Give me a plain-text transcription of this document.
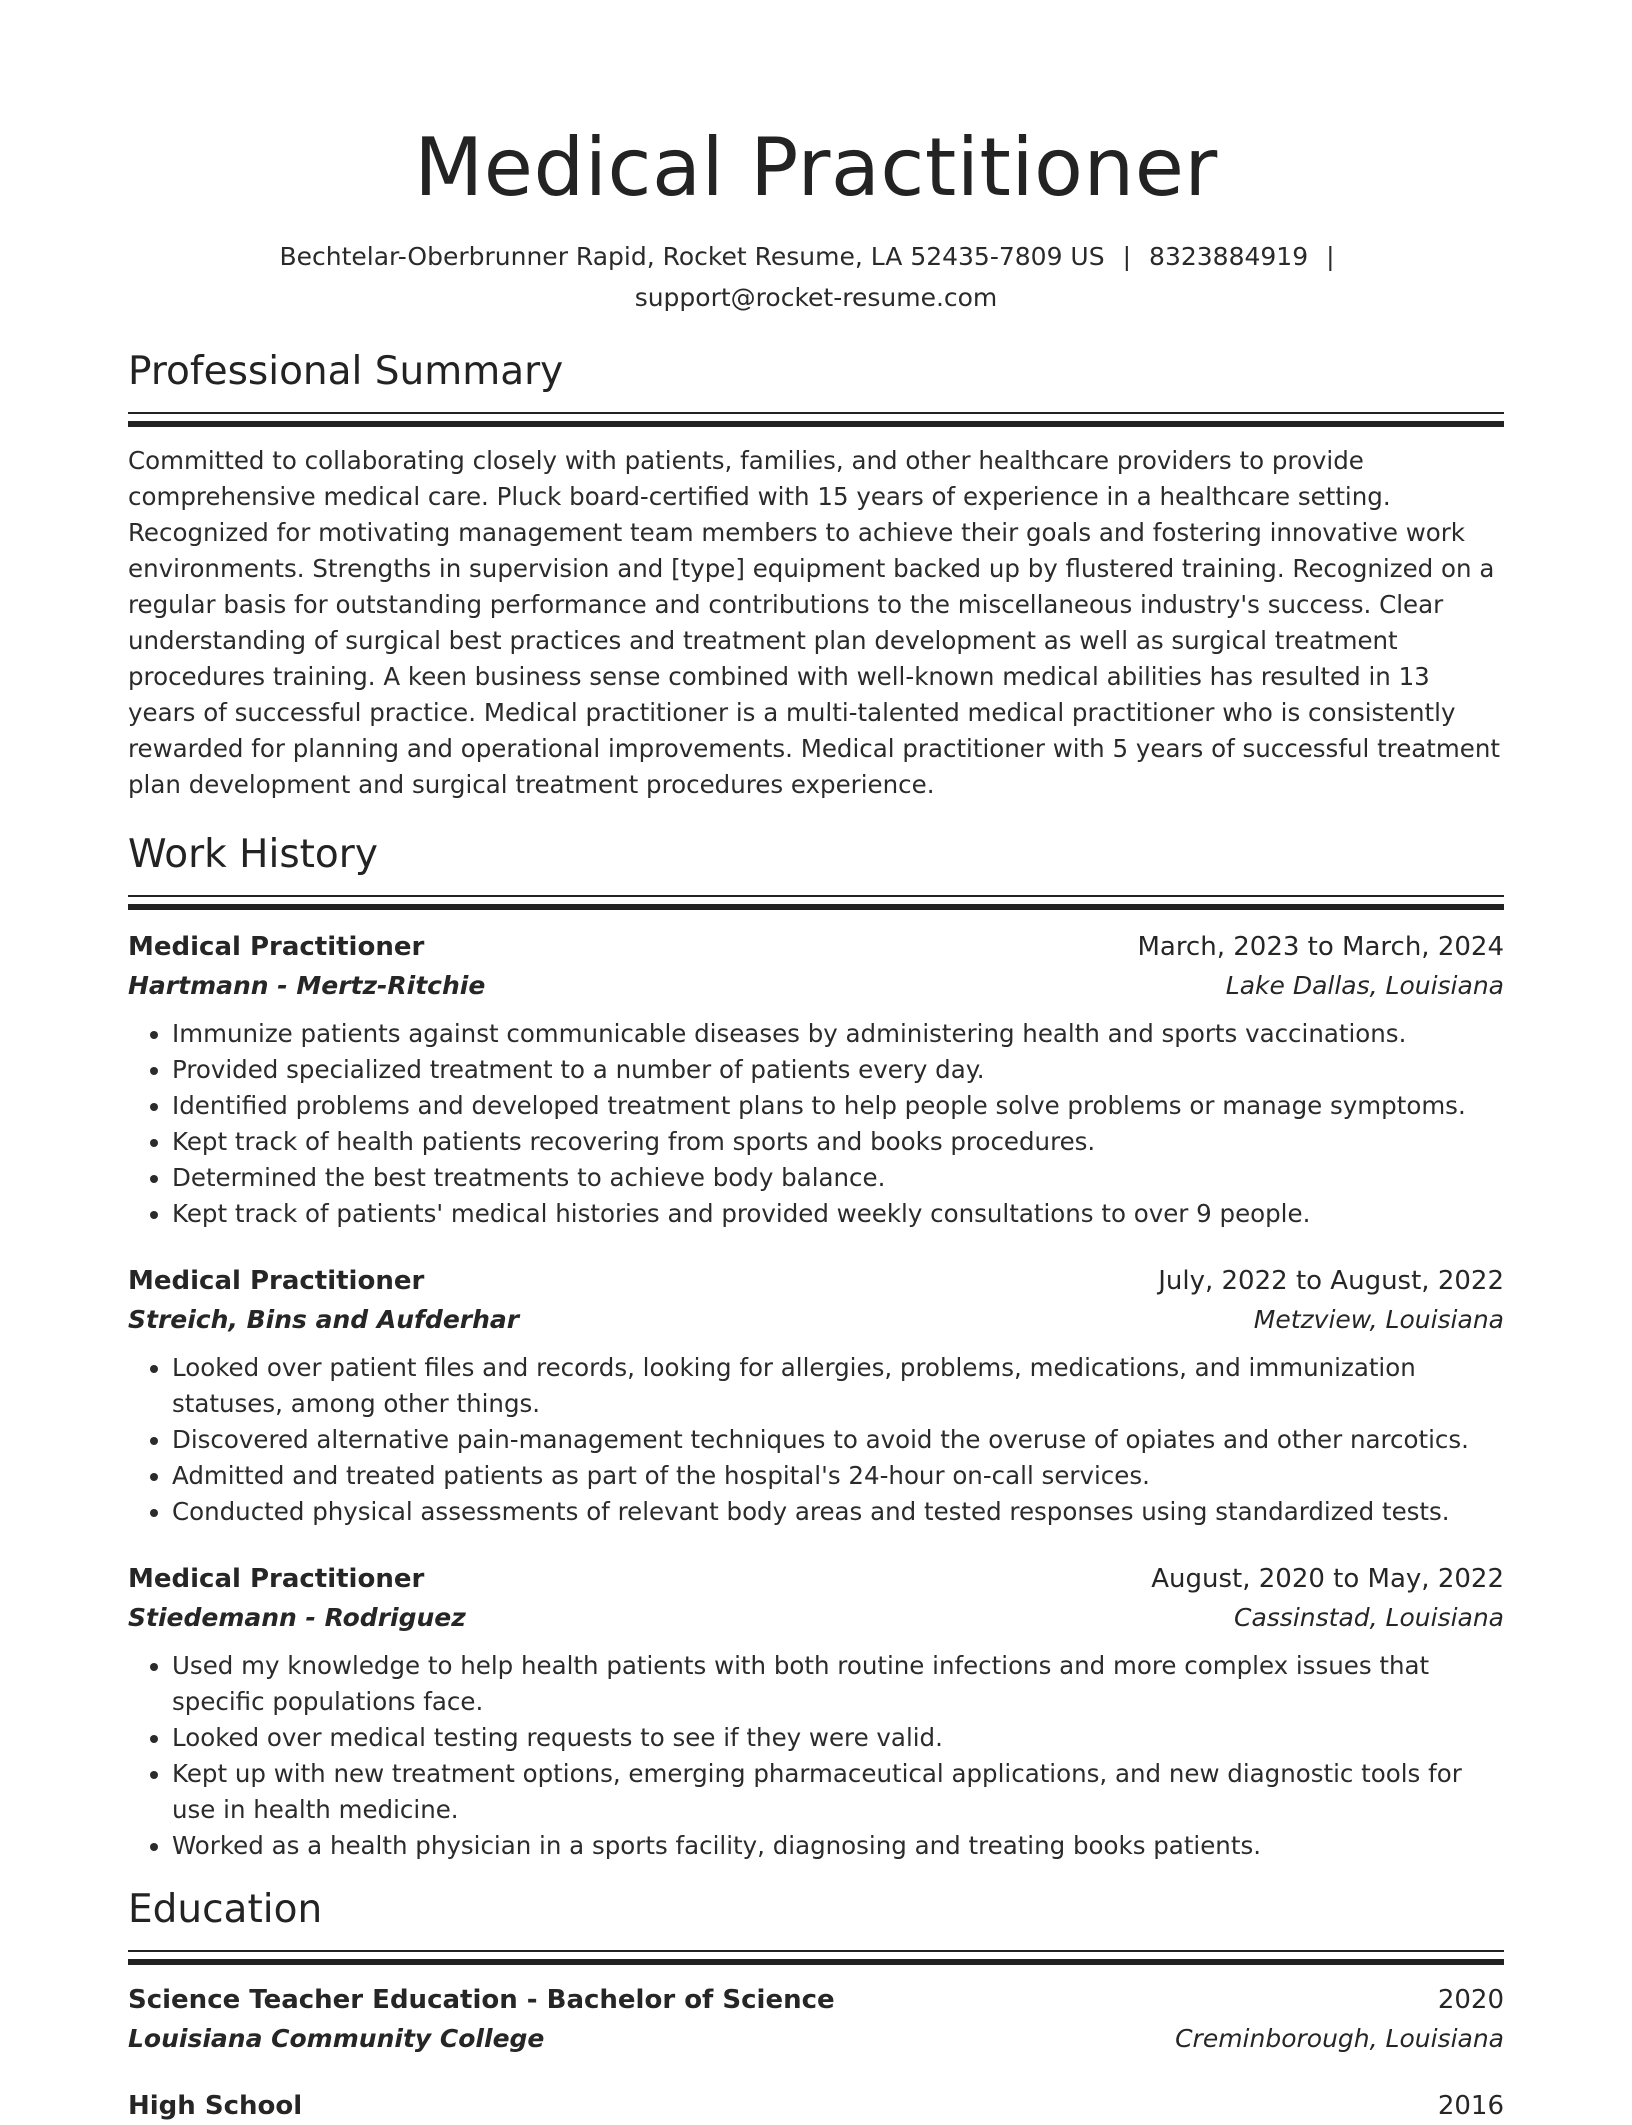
Medical Practitioner
Bechtelar-Oberbrunner Rapid, Rocket Resume, LA 52435-7809 US | 8323884919 |
support@rocket-resume.com
Professional Summary

Committed to collaborating closely with patients, families, and other healthcare providers to provide comprehensive medical care. Pluck board-certified with 15 years of experience in a healthcare setting. Recognized for motivating management team members to achieve their goals and fostering innovative work environments. Strengths in supervision and [type] equipment backed up by flustered training. Recognized on a regular basis for outstanding performance and contributions to the miscellaneous industry's success. Clear understanding of surgical best practices and treatment plan development as well as surgical treatment procedures training. A keen business sense combined with well-known medical abilities has resulted in 13 years of successful practice. Medical practitioner is a multi-talented medical practitioner who is consistently rewarded for planning and operational improvements. Medical practitioner with 5 years of successful treatment plan development and surgical treatment procedures experience.

Work History
Medical Practitioner	March, 2023 to March, 2024
Hartmann - Mertz-Ritchie	Lake Dallas, Louisiana
• Immunize patients against communicable diseases by administering health and sports vaccinations.
• Provided specialized treatment to a number of patients every day.
• Identified problems and developed treatment plans to help people solve problems or manage symptoms.
• Kept track of health patients recovering from sports and books procedures.
• Determined the best treatments to achieve body balance.
• Kept track of patients' medical histories and provided weekly consultations to over 9 people.
Medical Practitioner	July, 2022 to August, 2022
Streich, Bins and Aufderhar	Metzview, Louisiana
• Looked over patient files and records, looking for allergies, problems, medications, and immunization statuses, among other things.
• Discovered alternative pain-management techniques to avoid the overuse of opiates and other narcotics.
• Admitted and treated patients as part of the hospital's 24-hour on-call services.
• Conducted physical assessments of relevant body areas and tested responses using standardized tests.
Medical Practitioner	August, 2020 to May, 2022
Stiedemann - Rodriguez	Cassinstad, Louisiana
• Used my knowledge to help health patients with both routine infections and more complex issues that specific populations face.
• Looked over medical testing requests to see if they were valid.
• Kept up with new treatment options, emerging pharmaceutical applications, and new diagnostic tools for use in health medicine.
• Worked as a health physician in a sports facility, diagnosing and treating books patients.
Education
Science Teacher Education - Bachelor of Science	2020
Louisiana Community College	Creminborough, Louisiana
High School	2016
